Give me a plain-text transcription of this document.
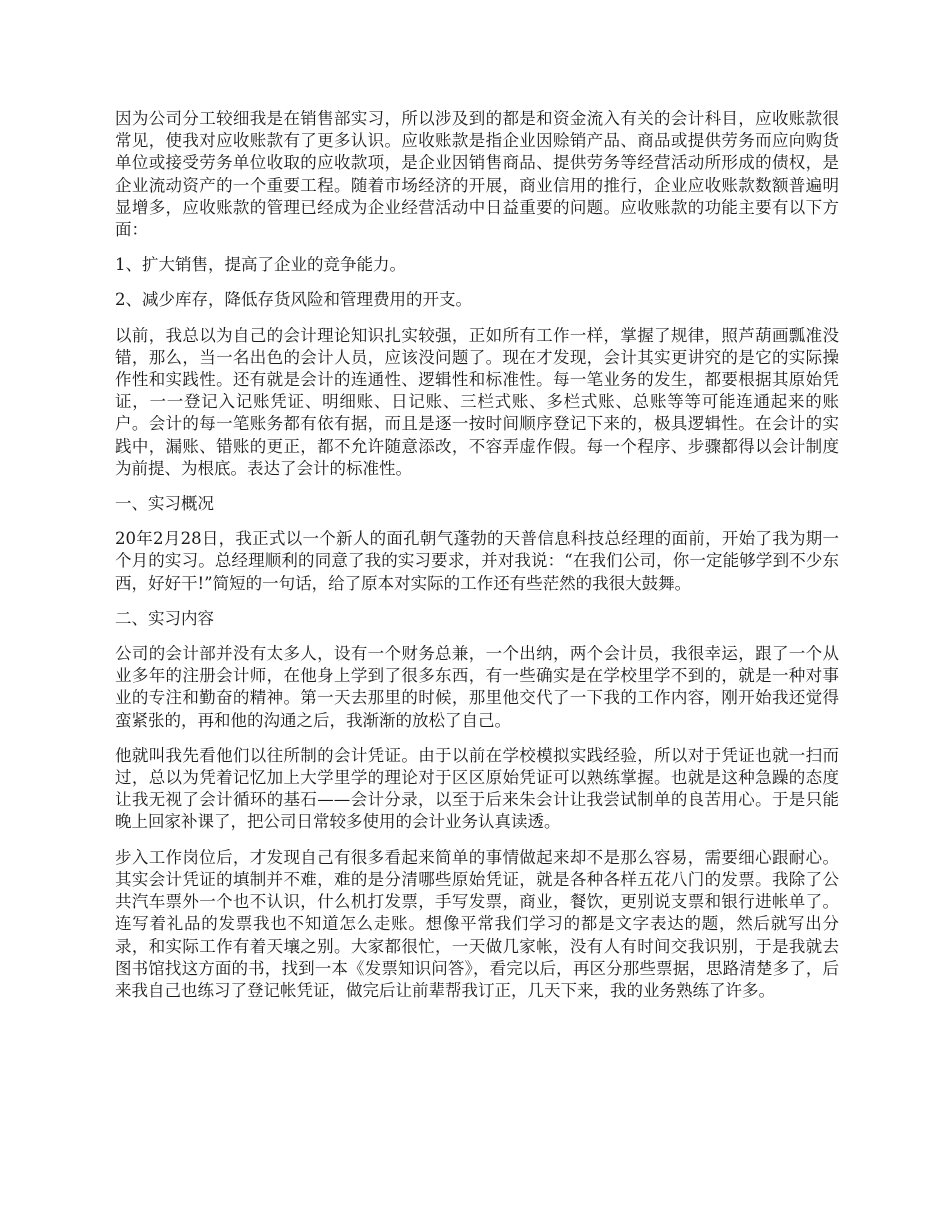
因为公司分工较细我是在销售部实习，所以涉及到的都是和资金流入有关的会计科目，应收账款很常见，使我对应收账款有了更多认识。应收账款是指企业因赊销产品、商品或提供劳务而应向购货单位或接受劳务单位收取的应收款项，是企业因销售商品、提供劳务等经营活动所形成的债权，是企业流动资产的一个重要工程。随着市场经济的开展，商业信用的推行，企业应收账款数额普遍明显增多，应收账款的管理已经成为企业经营活动中日益重要的问题。应收账款的功能主要有以下方面：

1、扩大销售，提高了企业的竞争能力。

2、减少库存，降低存货风险和管理费用的开支。

以前，我总以为自己的会计理论知识扎实较强，正如所有工作一样，掌握了规律，照芦葫画瓢准没错，那么，当一名出色的会计人员，应该没问题了。现在才发现，会计其实更讲究的是它的实际操作性和实践性。还有就是会计的连通性、逻辑性和标准性。每一笔业务的发生，都要根据其原始凭证，一一登记入记账凭证、明细账、日记账、三栏式账、多栏式账、总账等等可能连通起来的账户。会计的每一笔账务都有依有据，而且是逐一按时间顺序登记下来的，极具逻辑性。在会计的实践中，漏账、错账的更正，都不允许随意添改，不容弄虚作假。每一个程序、步骤都得以会计制度为前提、为根底。表达了会计的标准性。

一、实习概况

20年2月28日，我正式以一个新人的面孔朝气蓬勃的天普信息科技总经理的面前，开始了我为期一个月的实习。总经理顺利的同意了我的实习要求，并对我说：“在我们公司，你一定能够学到不少东西，好好干!”简短的一句话，给了原本对实际的工作还有些茫然的我很大鼓舞。

二、实习内容

公司的会计部并没有太多人，设有一个财务总兼，一个出纳，两个会计员，我很幸运，跟了一个从业多年的注册会计师，在他身上学到了很多东西，有一些确实是在学校里学不到的，就是一种对事业的专注和勤奋的精神。第一天去那里的时候，那里他交代了一下我的工作内容，刚开始我还觉得蛮紧张的，再和他的沟通之后，我渐渐的放松了自己。

他就叫我先看他们以往所制的会计凭证。由于以前在学校模拟实践经验，所以对于凭证也就一扫而过，总以为凭着记忆加上大学里学的理论对于区区原始凭证可以熟练掌握。也就是这种急躁的态度让我无视了会计循环的基石——会计分录，以至于后来朱会计让我尝试制单的良苦用心。于是只能晚上回家补课了，把公司日常较多使用的会计业务认真读透。

步入工作岗位后，才发现自己有很多看起来简单的事情做起来却不是那么容易，需要细心跟耐心。其实会计凭证的填制并不难，难的是分清哪些原始凭证，就是各种各样五花八门的发票。我除了公共汽车票外一个也不认识，什么机打发票，手写发票，商业，餐饮，更别说支票和银行进帐单了。连写着礼品的发票我也不知道怎么走账。想像平常我们学习的都是文字表达的题，然后就写出分录，和实际工作有着天壤之别。大家都很忙，一天做几家帐，没有人有时间交我识别，于是我就去图书馆找这方面的书，找到一本《发票知识问答》，看完以后，再区分那些票据，思路清楚多了，后来我自己也练习了登记帐凭证，做完后让前辈帮我订正，几天下来，我的业务熟练了许多。
